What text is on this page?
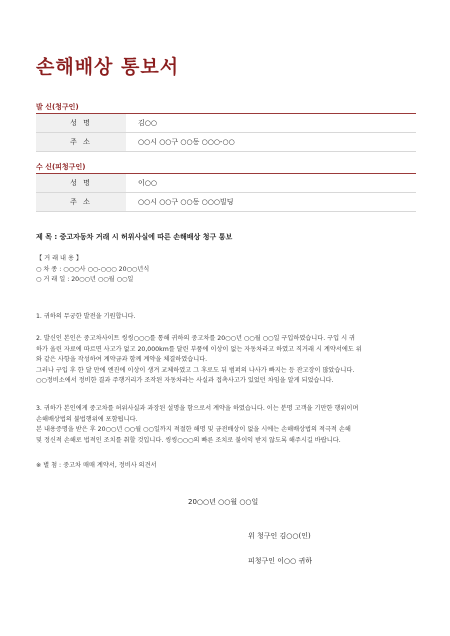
손해배상 통보서
발 신(청구인)
성 명	김○○
주 소	○○시 ○○구 ○○동 ○○○-○○
수 신(피청구인)
성 명	이○○
주 소	○○시 ○○구 ○○동 ○○○빌딩
제 목 : 중고자동차 거래 시 허위사실에 따른 손해배상 청구 통보

【 거 래 내 용 】

○ 차 종 : ○○○사 ○○-○○○ 20○○년식

○ 거 래 일 : 20○○년 ○○월 ○○일

1. 귀하의 무궁한 발전을 기원합니다.

2. 발신인 본인은 중고차사이트 씽씽○○○를 통해 귀하의 중고차를 20○○년 ○○월 ○○일 구입하였습니다. 구입 시 귀

하가 올린 자료에 따르면 사고가 없고 20,000km를 달린 부품에 이상이 없는 자동차라고 하였고 직거래 시 계약서에도 위

와 같은 사항을 작성하여 계약금과 함께 계약을 체결하였습니다.

그러나 구입 후 한 달 만에 엔진에 이상이 생겨 교체하였고 그 후로도 뒤 범퍼의 나사가 빠지는 등 잔고장이 많았습니다.

○○정비소에서 정비한 결과 주행거리가 조작된 자동차라는 사실과 접촉사고가 있었던 차임을 알게 되었습니다.

3. 귀하가 본인에게 중고차를 허위사실과 과장된 설명을 함으로서 계약을 하였습니다. 이는 분명 고객을 기만한 행위이며

손해배상법의 불법행위에 포함됩니다.

본 내용증명을 받은 후 20○○년 ○○월 ○○일까지 적절한 해명 및 금전배상이 없을 시에는 손해배상법의 적극적 손해

및 정신적 손해로 법적인 조치를 취할 것입니다. 씽씽○○○의 빠른 조치로 불이익 받지 않도록 해주시길 바랍니다.

※ 별 첨 : 중고차 매매 계약서, 정비사 의견서
20○○년 ○○월 ○○일
위 청구인 김○○(인)
피청구인 이○○ 귀하
